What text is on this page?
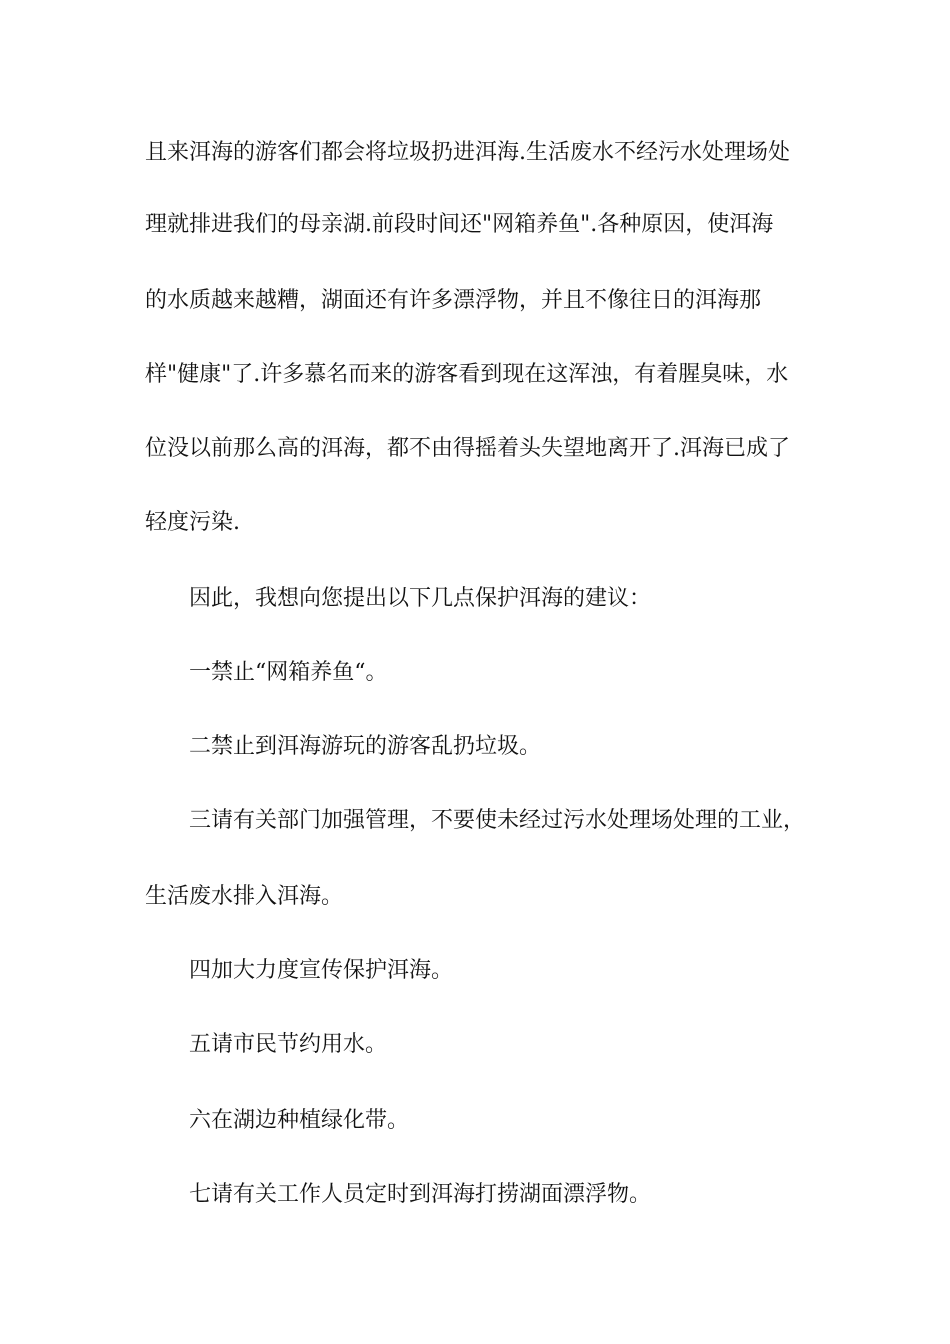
且来洱海的游客们都会将垃圾扔进洱海.生活废水不经污水处理场处
理就排进我们的母亲湖.前段时间还"网箱养鱼".各种原因，使洱海
的水质越来越糟，湖面还有许多漂浮物，并且不像往日的洱海那
样"健康"了.许多慕名而来的游客看到现在这浑浊，有着腥臭味，水
位没以前那么高的洱海，都不由得摇着头失望地离开了.洱海已成了
轻度污染.
因此，我想向您提出以下几点保护洱海的建议：
一禁止“网箱养鱼“。
二禁止到洱海游玩的游客乱扔垃圾。
三请有关部门加强管理，不要使未经过污水处理场处理的工业，
生活废水排入洱海。
四加大力度宣传保护洱海。
五请市民节约用水。
六在湖边种植绿化带。
七请有关工作人员定时到洱海打捞湖面漂浮物。
